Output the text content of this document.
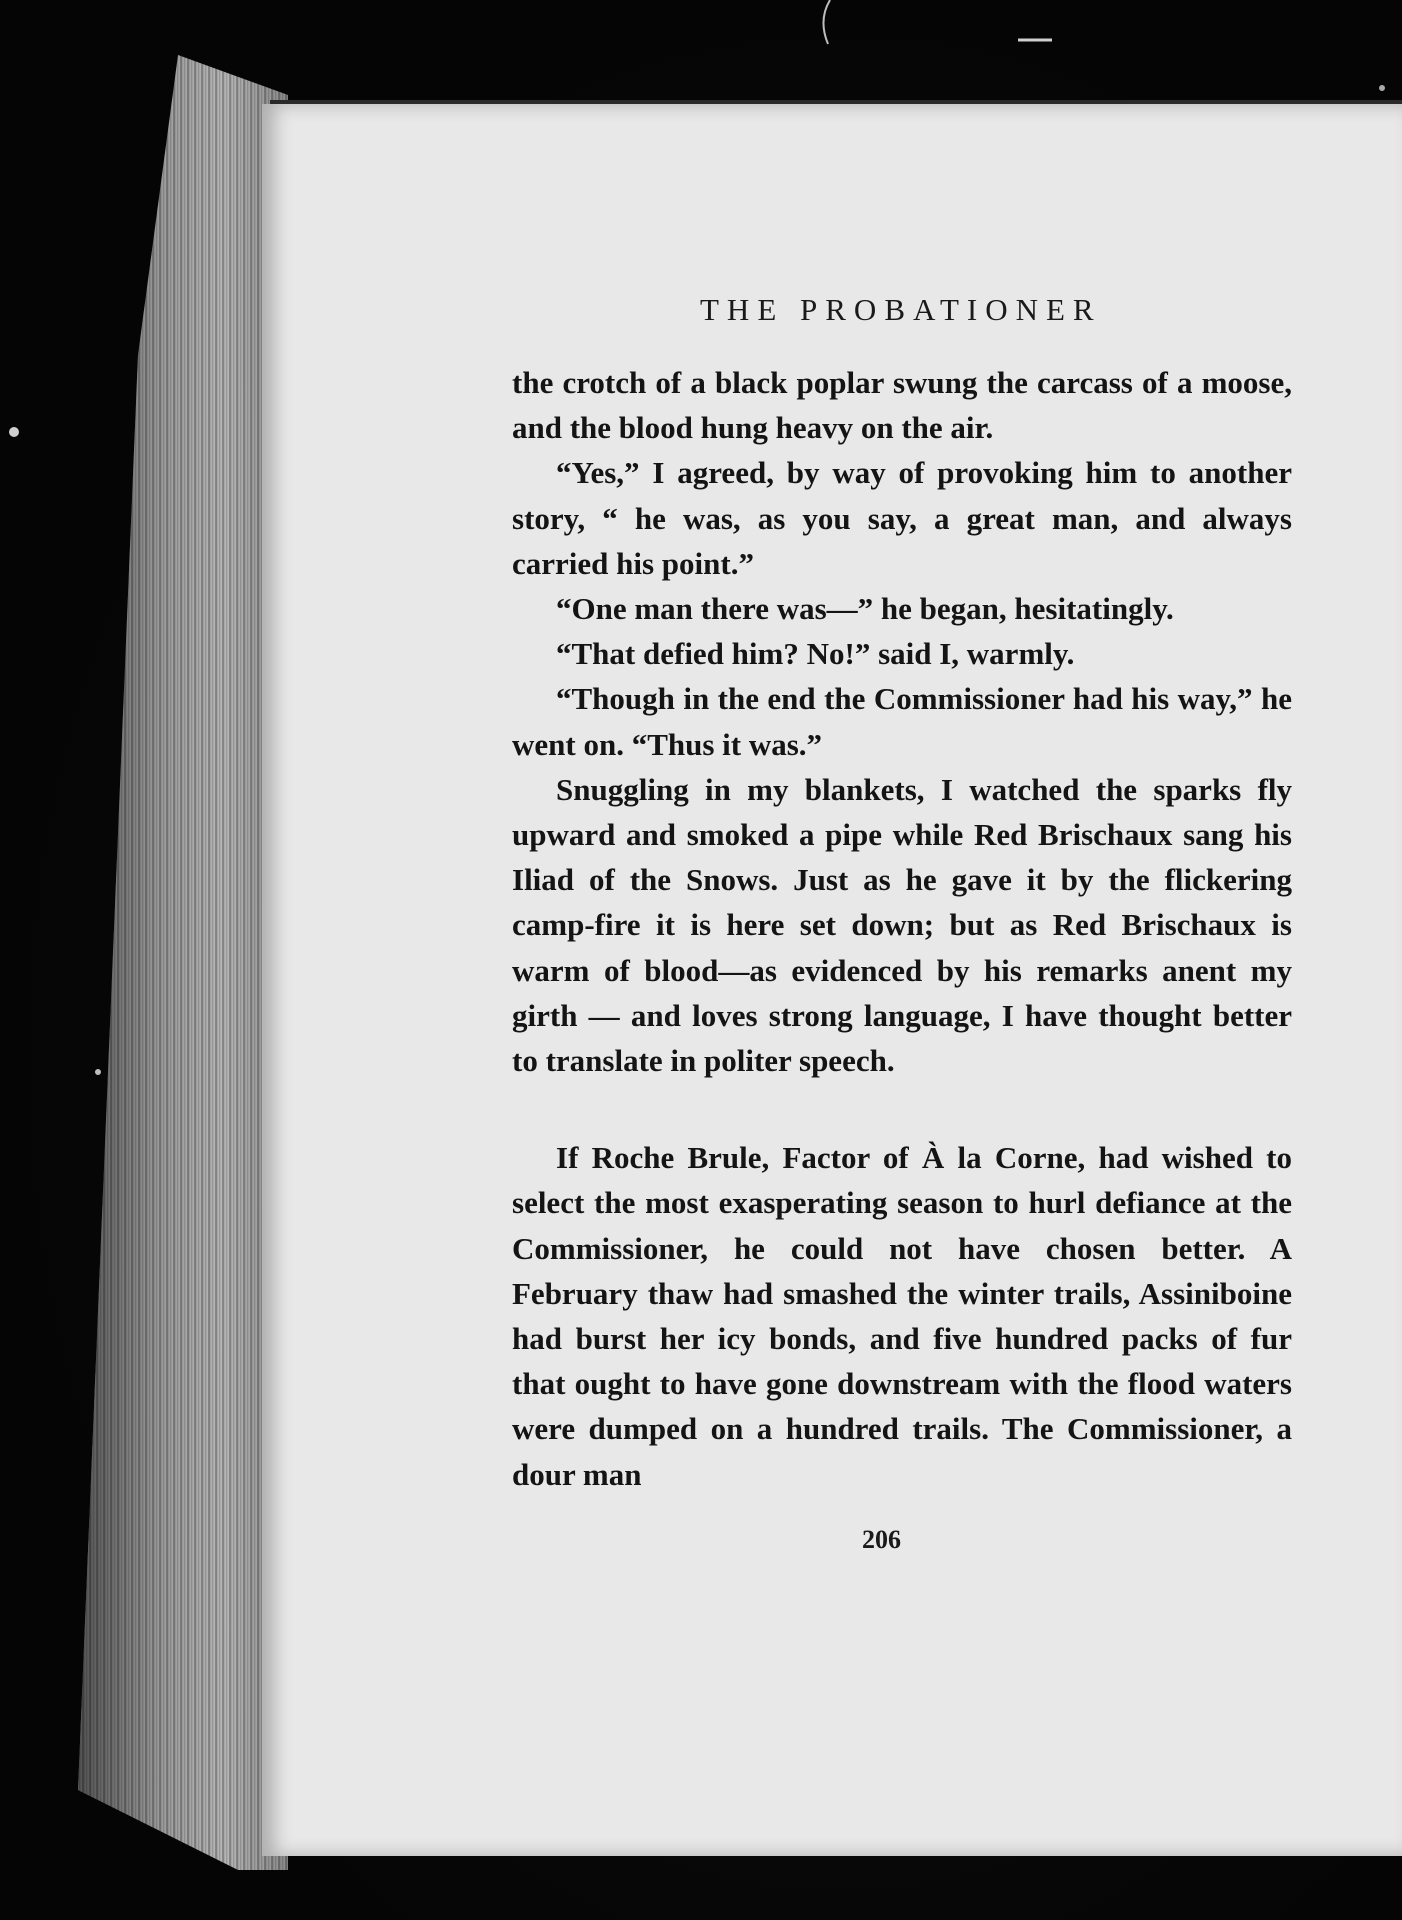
THE PROBATIONER

the crotch of a black poplar swung the carcass of a moose, and the blood hung heavy on the air.

“Yes,” I agreed, by way of provoking him to another story, “ he was, as you say, a great man, and always carried his point.”

“One man there was—” he began, hesitatingly.

“That defied him? No!” said I, warmly.

“Though in the end the Commissioner had his way,” he went on. “Thus it was.”

Snuggling in my blankets, I watched the sparks fly upward and smoked a pipe while Red Brischaux sang his Iliad of the Snows. Just as he gave it by the flickering camp-fire it is here set down; but as Red Brischaux is warm of blood—as evidenced by his remarks anent my girth — and loves strong language, I have thought better to translate in politer speech.

If Roche Brule, Factor of À la Corne, had wished to select the most exasperating season to hurl defiance at the Commissioner, he could not have chosen better. A February thaw had smashed the winter trails, Assiniboine had burst her icy bonds, and five hundred packs of fur that ought to have gone downstream with the flood waters were dumped on a hundred trails. The Commissioner, a dour man

206
